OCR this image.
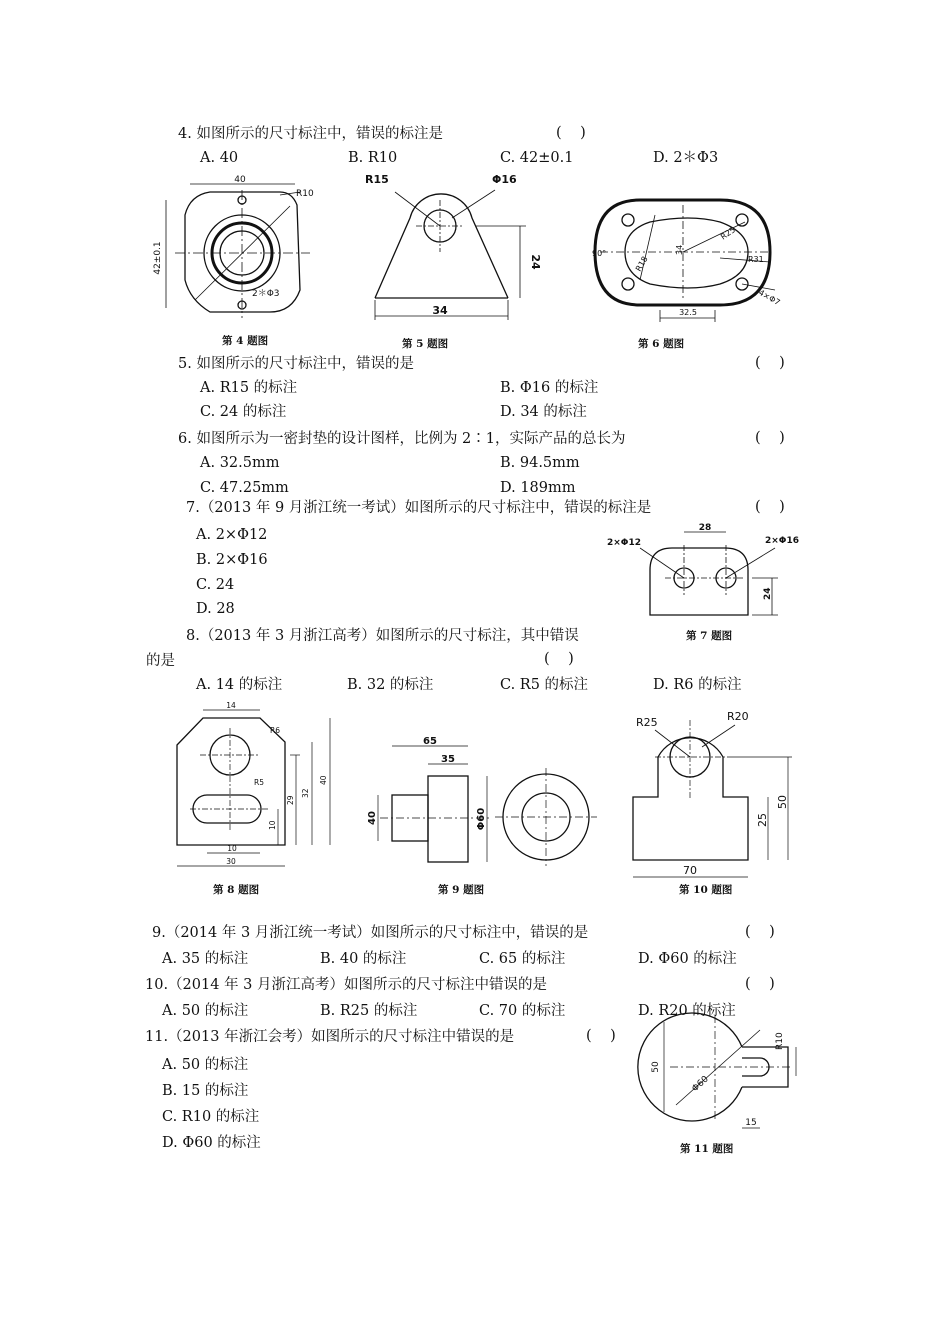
4. 如图所示的尺寸标注中，错误的标注是	(    )
A. 40	B. R10	C. 42±0.1	D. 2＊Φ3
40
R10
42±0.1
2＊Φ3
R15	Φ16
24
34
90°
R25
R31
R18
34
4×Φ7
32.5
28
2×Φ12	2×Φ16
24
14
R6
R5	40
32
29
10
10
30
65
35
40	Φ60
R25	R20
50
25
70
50
Φ60
R10
15
第 4 题图	第 5 题图	第 6 题图
5. 如图所示的尺寸标注中，错误的是	(    )
A. R15 的标注	B. Φ16 的标注
C. 24 的标注	D. 34 的标注
6. 如图所示为一密封垫的设计图样，比例为 2∶1，实际产品的总长为	(    )
A. 32.5mm	B. 94.5mm
C. 47.25mm	D. 189mm
7.（2013 年 9 月浙江统一考试）如图所示的尺寸标注中，错误的标注是	(    )
A. 2×Φ12
B. 2×Φ16
C. 24
D. 28
第 7 题图
8.（2013 年 3 月浙江高考）如图所示的尺寸标注，其中错误
的是	(    )
A. 14 的标注	B. 32 的标注	C. R5 的标注	D. R6 的标注
第 8 题图	第 9 题图	第 10 题图
9.（2014 年 3 月浙江统一考试）如图所示的尺寸标注中，错误的是	(    )
A. 35 的标注	B. 40 的标注	C. 65 的标注	D. Φ60 的标注
10.（2014 年 3 月浙江高考）如图所示的尺寸标注中错误的是	(    )
A. 50 的标注	B. R25 的标注	C. 70 的标注	D. R20 的标注
11.（2013 年浙江会考）如图所示的尺寸标注中错误的是	(    )
A. 50 的标注
B. 15 的标注
C. R10 的标注
D. Φ60 的标注	第 11 题图
